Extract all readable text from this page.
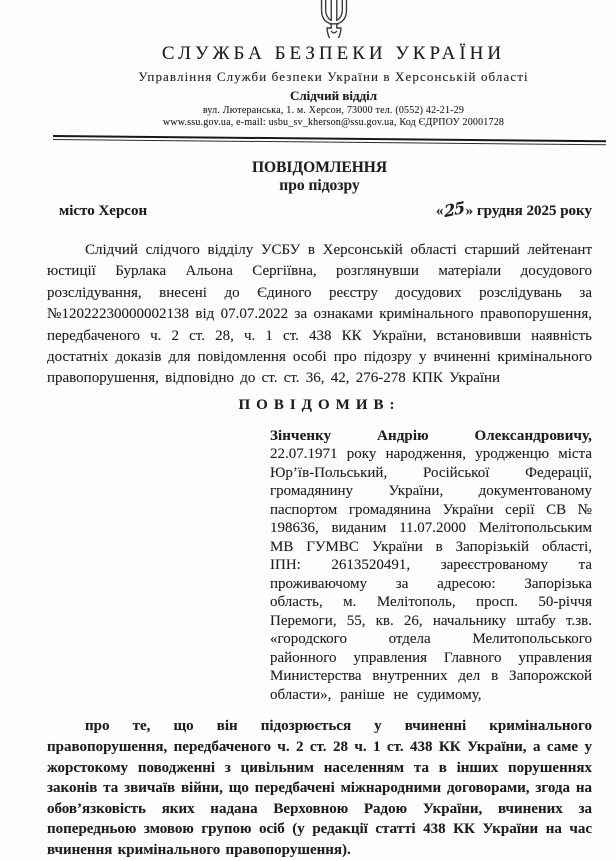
СЛУЖБА БЕЗПЕКИ УКРАЇНИ
Управління Служби безпеки України в Херсонській області
Слідчий відділ
вул. Лютеранська, 1. м. Херсон, 73000 тел. (0552) 42-21-29
www.ssu.gov.ua, e-mail: usbu_sv_kherson@ssu.gov.ua, Код ЄДРПОУ 20001728
ПОВІДОМЛЕННЯ
про підозру
місто Херсон	«25» грудня 2025 року

Слідчий слідчого відділу УСБУ в Херсонській області старший лейтенант юстиції Бурлака Альона Сергіївна, розглянувши матеріали досудового розслідування, внесені до Єдиного реєстру досудових розслідувань за №12022230000002138 від 07.07.2022 за ознаками кримінального правопорушення, передбаченого ч. 2 ст. 28, ч. 1 ст. 438 КК України, встановивши наявність достатніх доказів для повідомлення особі про підозру у вчиненні кримінального правопорушення, відповідно до ст. ст. 36, 42, 276-278 КПК України

ПОВІДОМИВ:

Зінченку Андрію Олександровичу, 22.07.1971 року народження, уродженцю міста Юр’їв-Польський, Російської Федерації, громадянину України, документованому паспортом громадянина України серії СВ № 198636, виданим 11.07.2000 Мелітопольським МВ ГУМВС України в Запорізькій області, ІПН: 2613520491, зареєстрованому та проживаючому за адресою: Запорізька область, м. Мелітополь, просп. 50-річчя Перемоги, 55, кв. 26, начальнику штабу т.зв. «городского отдела Мелитопольського районного управления Главного управления Министерства внутренних дел в Запорожской области», раніше не судимому,

про те, що він підозрюється у вчиненні кримінального правопорушення, передбаченого ч. 2 ст. 28 ч. 1 ст. 438 КК України, а саме у жорстокому поводженні з цивільним населенням та в інших порушеннях законів та звичаїв війни, що передбачені міжнародними договорами, згода на обов’язковість яких надана Верховною Радою України, вчинених за попередньою змовою групою осіб (у редакції статті 438 КК України на час вчинення кримінального правопорушення).
